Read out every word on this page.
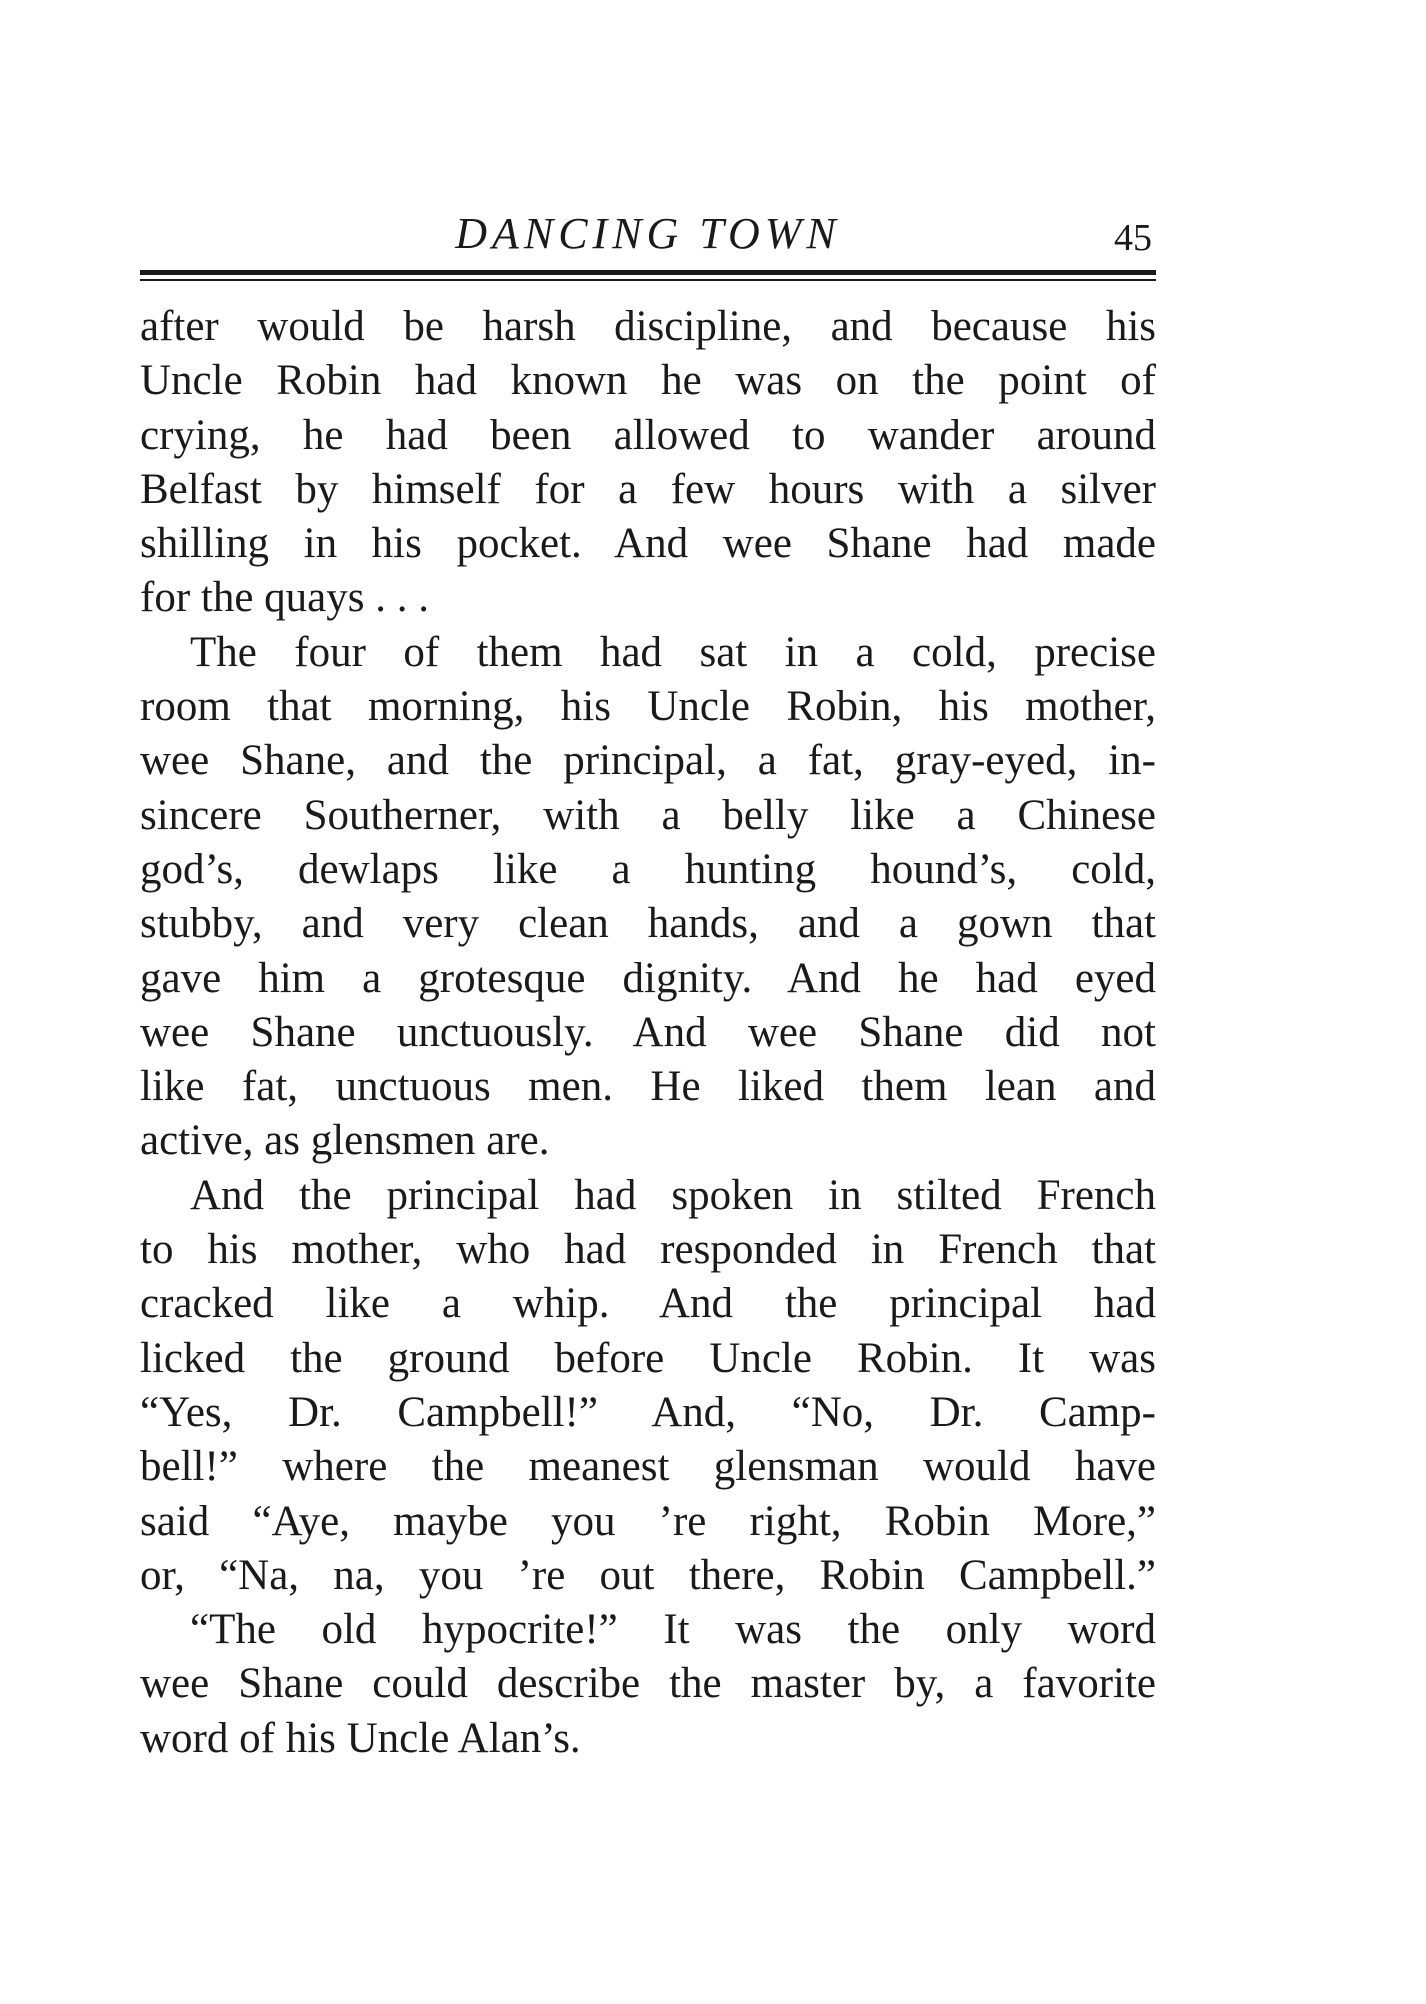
DANCING TOWN	45

after would be harsh discipline, and because his
Uncle Robin had known he was on the point of
crying, he had been allowed to wander around
Belfast by himself for a few hours with a silver
shilling in his pocket. And wee Shane had made
for the quays . . .

The four of them had sat in a cold, precise
room that morning, his Uncle Robin, his mother,
wee Shane, and the principal, a fat, gray-eyed, in-
sincere Southerner, with a belly like a Chinese
god’s, dewlaps like a hunting hound’s, cold,
stubby, and very clean hands, and a gown that
gave him a grotesque dignity. And he had eyed
wee Shane unctuously. And wee Shane did not
like fat, unctuous men. He liked them lean and
active, as glensmen are.

And the principal had spoken in stilted French
to his mother, who had responded in French that
cracked like a whip. And the principal had
licked the ground before Uncle Robin. It was
“Yes, Dr. Campbell!” And, “No, Dr. Camp-
bell!” where the meanest glensman would have
said “Aye, maybe you ’re right, Robin More,”
or, “Na, na, you ’re out there, Robin Campbell.”

“The old hypocrite!” It was the only word
wee Shane could describe the master by, a favorite
word of his Uncle Alan’s.
